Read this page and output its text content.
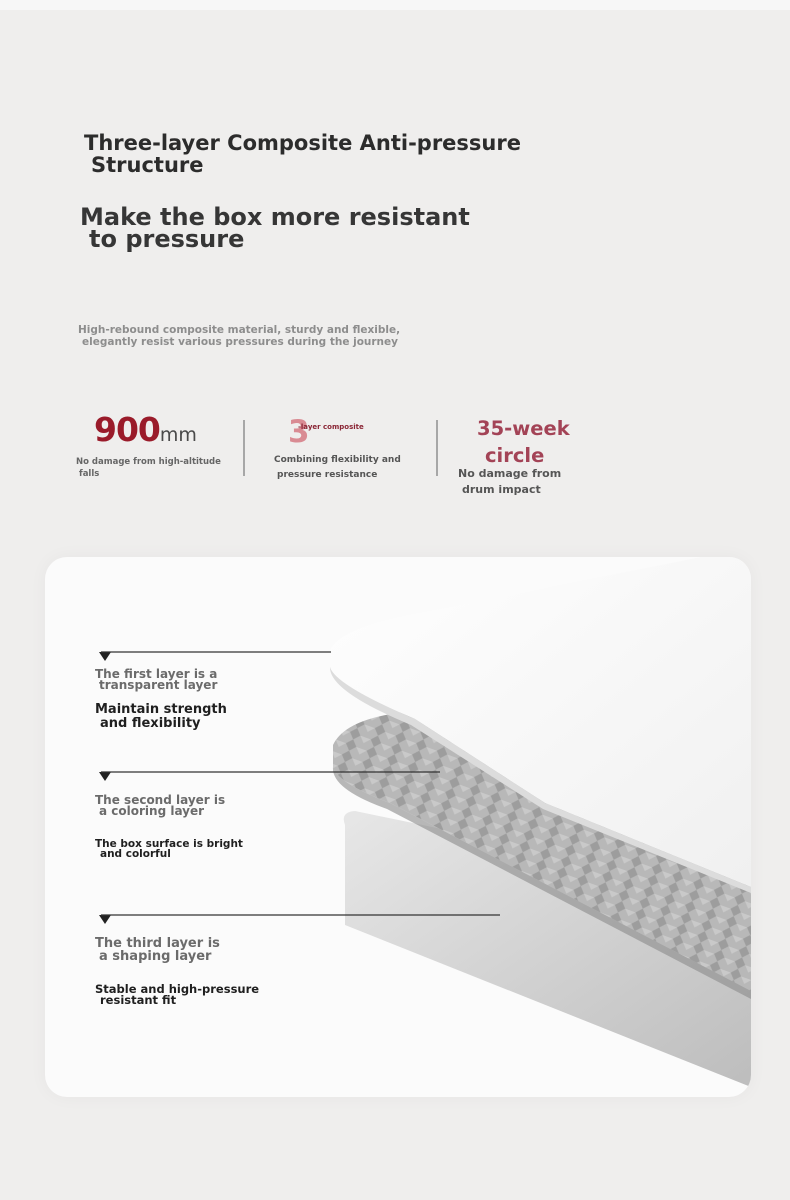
Three-layer Composite Anti-pressure
Structure
Make the box more resistant
to pressure
High-rebound composite material, sturdy and flexible,
elegantly resist various pressures during the journey
900mm
No damage from high-altitude
falls
3
-layer composite
Combining flexibility and
pressure resistance
35-week
circle
No damage from
drum impact
The first layer is a
transparent layer
Maintain strength
and flexibility
The second layer is
a coloring layer
The box surface is bright
and colorful
The third layer is
a shaping layer
Stable and high-pressure
resistant fit
